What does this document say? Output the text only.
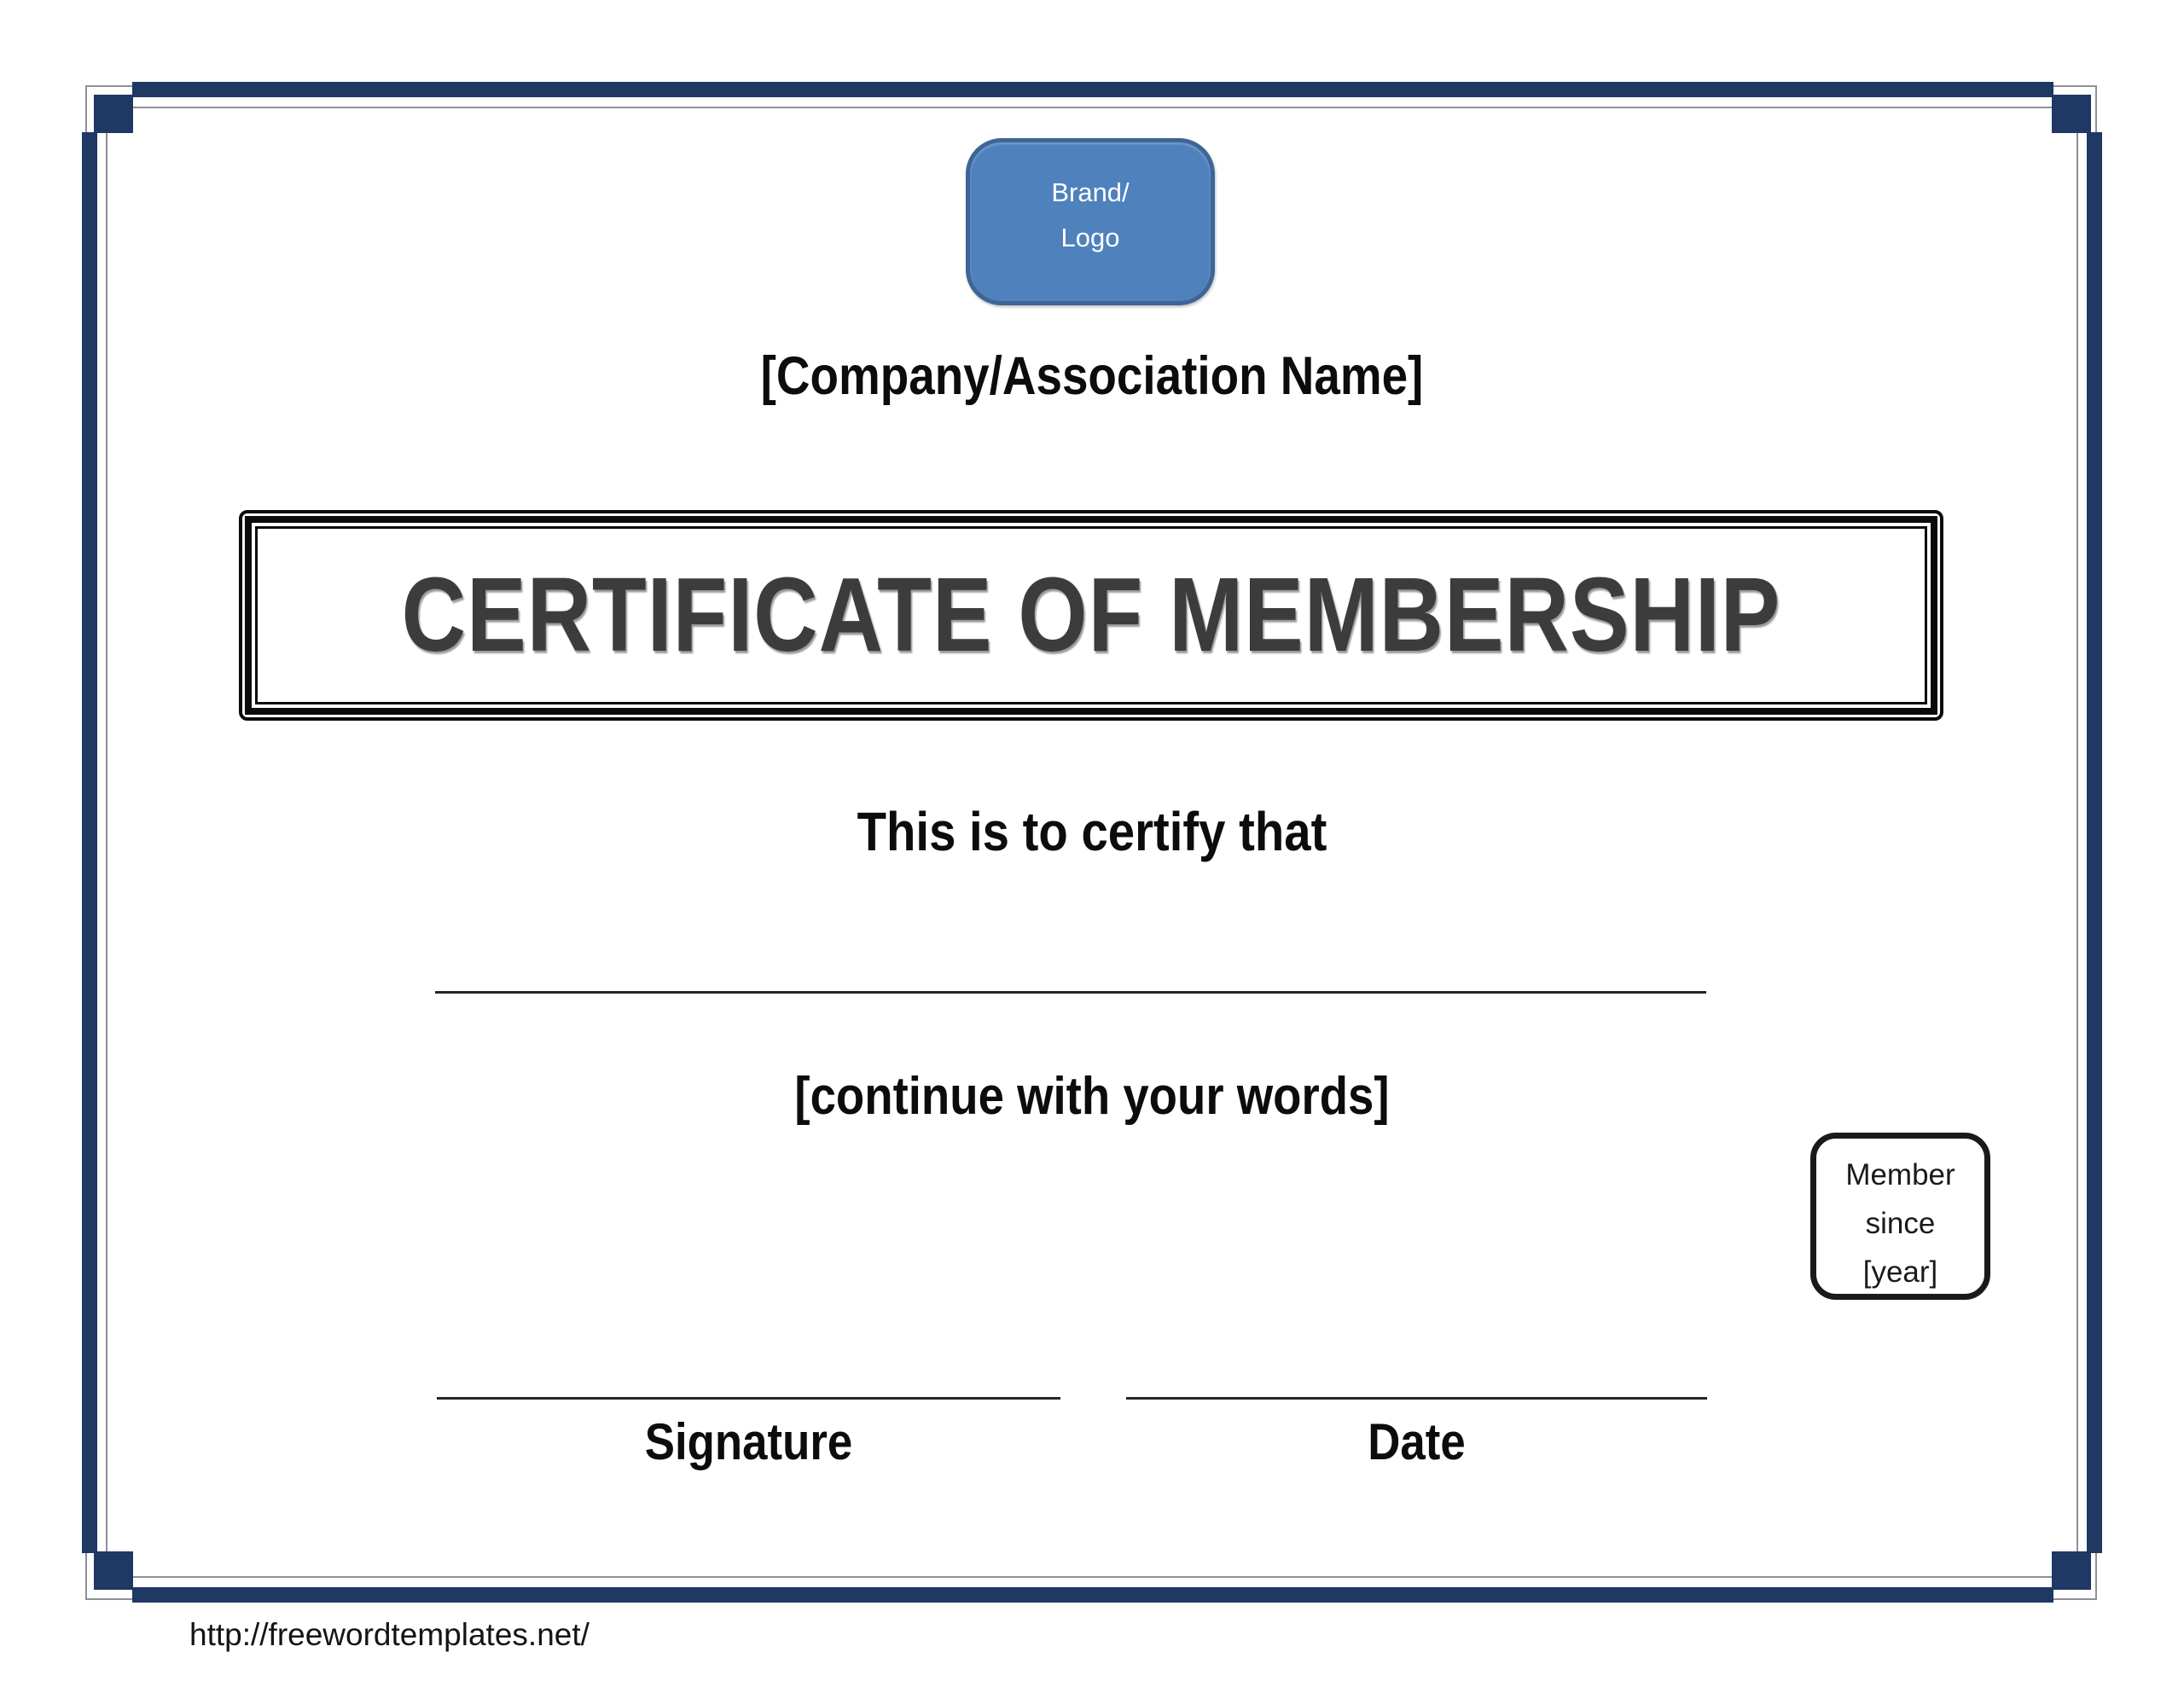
Brand/
Logo
[Company/Association Name]
CERTIFICATE OF MEMBERSHIP
This is to certify that
[continue with your words]
Member
since
[year]
Signature	Date
http://freewordtemplates.net/
